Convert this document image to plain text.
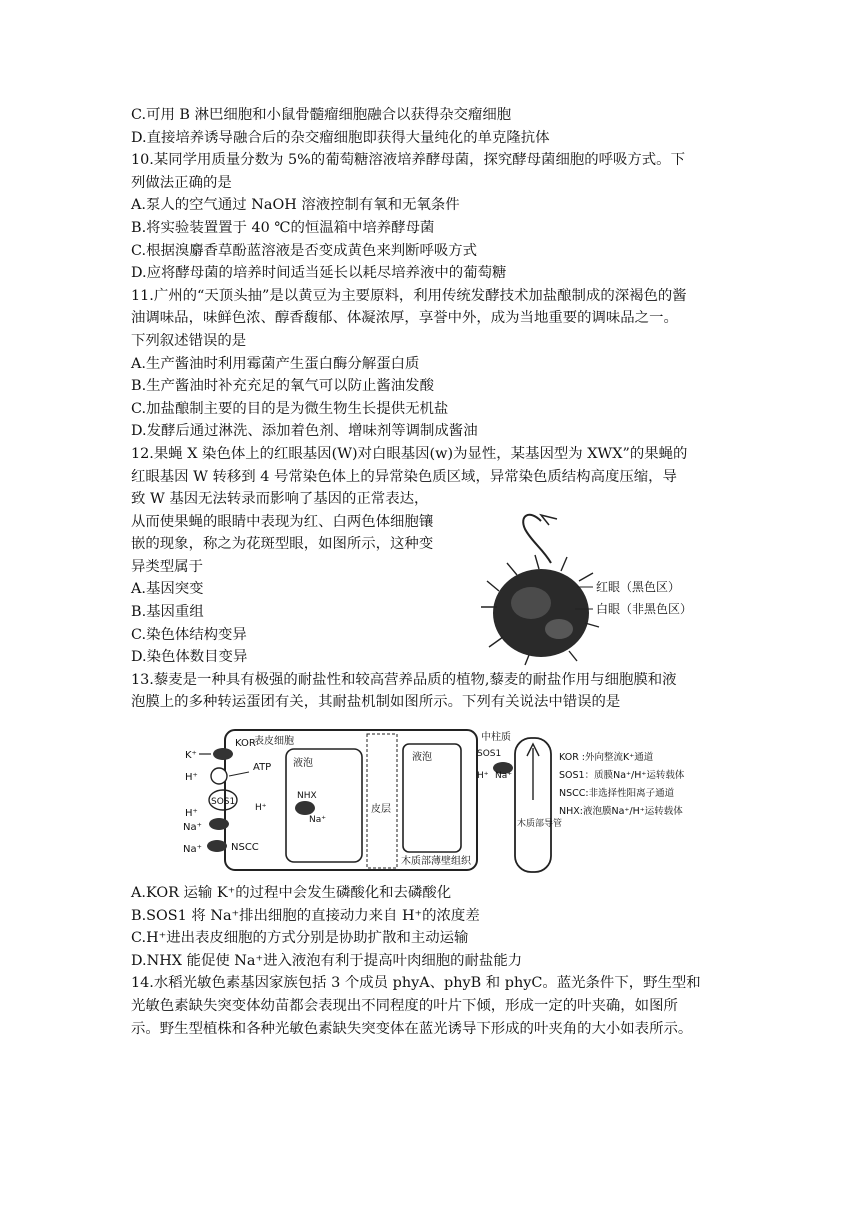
C.可用 B 淋巴细胞和小鼠骨髓瘤细胞融合以获得杂交瘤细胞
D.直接培养诱导融合后的杂交瘤细胞即获得大量纯化的单克隆抗体
10.某同学用质量分数为 5%的葡萄糖溶液培养酵母菌，探究酵母菌细胞的呼吸方式。下
列做法正确的是
A.泵人的空气通过 NaOH 溶液控制有氧和无氧条件
B.将实验装置置于 40 ℃的恒温箱中培养酵母菌
C.根据溴麝香草酚蓝溶液是否变成黄色来判断呼吸方式
D.应将酵母菌的培养时间适当延长以耗尽培养液中的葡萄糖
11.广州的“天顶头抽”是以黄豆为主要原料，利用传统发酵技术加盐酿制成的深褐色的酱
油调味品，味鲜色浓、醇香馥郁、体凝浓厚，享誉中外，成为当地重要的调味品之一。
下列叙述错误的是
A.生产酱油时利用霉菌产生蛋白酶分解蛋白质
B.生产酱油时补充充足的氧气可以防止酱油发酸
C.加盐酿制主要的目的是为微生物生长提供无机盐
D.发酵后通过淋洗、添加着色剂、增味剂等调制成酱油
12.果蝇 X 染色体上的红眼基因(W)对白眼基因(w)为显性，某基因型为 XWX”的果蝇的
红眼基因 W 转移到 4 号常染色体上的异常染色质区域，异常染色质结构高度压缩，导
致 W 基因无法转录而影响了基因的正常表达，
从而使果蝇的眼睛中表现为红、白两色体细胞镶
嵌的现象，称之为花斑型眼，如图所示，这种变
异类型属于
A.基因突变
B.基因重组
C.染色体结构变异
D.染色体数目变异
红眼（黑色区）
白眼（非黑色区）
13.藜麦是一种具有极强的耐盐性和较高营养品质的植物,藜麦的耐盐作用与细胞膜和液
泡膜上的多种转运蛋团有关，其耐盐机制如图所示。下列有关说法中错误的是
表皮细胞
液泡
皮层
液泡
木质部薄壁组织
KOR
K⁺
H⁺
ATP
SOS1
H⁺
H⁺
Na⁺
NSCC
Na⁺
NHX
Na⁺
SOS1
H⁺ Na⁺
中柱质
木质部导管
KOR :外向整流K⁺通道
SOS1：质膜Na⁺/H⁺运转载体
NSCC:非选择性阳离子通道
NHX:液泡膜Na⁺/H⁺运转载体
A.KOR 运输 K⁺的过程中会发生磷酸化和去磷酸化
B.SOS1 将 Na⁺排出细胞的直接动力来自 H⁺的浓度差
C.H⁺进出表皮细胞的方式分别是协助扩散和主动运输
D.NHX 能促使 Na⁺进入液泡有利于提高叶肉细胞的耐盐能力
14.水稻光敏色素基因家族包括 3 个成员 phyA、phyB 和 phyC。蓝光条件下，野生型和
光敏色素缺失突变体幼苗都会表现出不同程度的叶片下倾，形成一定的叶夹确，如图所
示。野生型植株和各种光敏色素缺失突变体在蓝光诱导下形成的叶夹角的大小如表所示。
